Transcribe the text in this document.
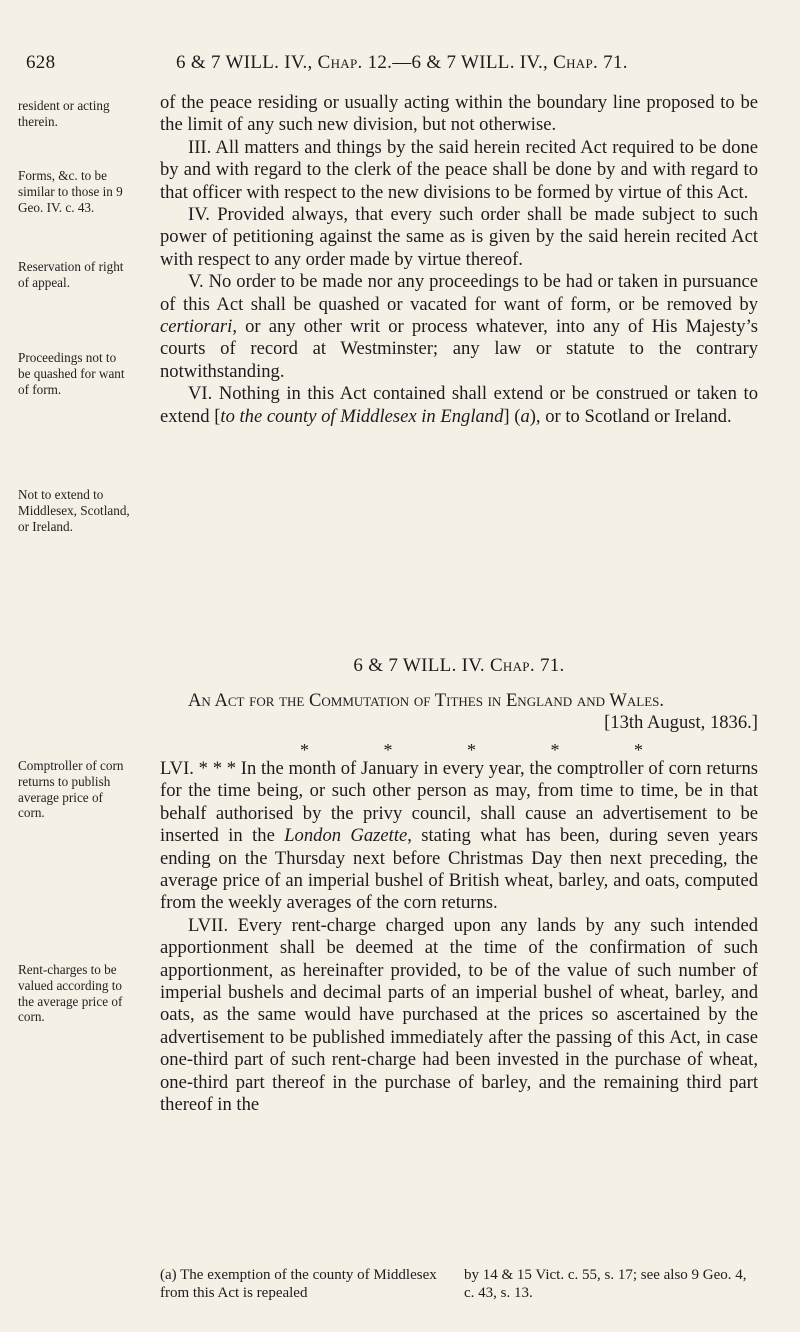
628	6 & 7 WILL. IV., Chap. 12.—6 & 7 WILL. IV., Chap. 71.
resident or acting therein.
Forms, &c. to be similar to those in 9 Geo. IV. c. 43.
Reservation of right of appeal.
Proceedings not to be quashed for want of form.
Not to extend to Middlesex, Scotland, or Ireland.
Comptroller of corn returns to publish average price of corn.
Rent-charges to be valued according to the average price of corn.

of the peace residing or usually acting within the boundary line proposed to be the limit of any such new division, but not otherwise.

III. All matters and things by the said herein recited Act required to be done by and with regard to the clerk of the peace shall be done by and with regard to that officer with respect to the new divisions to be formed by virtue of this Act.

IV. Provided always, that every such order shall be made subject to such power of petitioning against the same as is given by the said herein recited Act with respect to any order made by virtue thereof.

V. No order to be made nor any proceedings to be had or taken in pursuance of this Act shall be quashed or vacated for want of form, or be removed by certiorari, or any other writ or process whatever, into any of His Majesty’s courts of record at Westminster; any law or statute to the contrary notwithstanding.

VI. Nothing in this Act contained shall extend or be construed or taken to extend [to the county of Middlesex in England] (a), or to Scotland or Ireland.

6 & 7 WILL. IV. Chap. 71.
An Act for the Commutation of Tithes in England and Wales.
[13th August, 1836.]
* * * * *

LVI. * * * In the month of January in every year, the comptroller of corn returns for the time being, or such other person as may, from time to time, be in that behalf authorised by the privy council, shall cause an advertisement to be inserted in the London Gazette, stating what has been, during seven years ending on the Thursday next before Christmas Day then next preceding, the average price of an imperial bushel of British wheat, barley, and oats, computed from the weekly averages of the corn returns.

LVII. Every rent-charge charged upon any lands by any such intended apportionment shall be deemed at the time of the confirmation of such apportionment, as hereinafter provided, to be of the value of such number of imperial bushels and decimal parts of an imperial bushel of wheat, barley, and oats, as the same would have purchased at the prices so ascertained by the advertisement to be published immediately after the passing of this Act, in case one-third part of such rent-charge had been invested in the purchase of wheat, one-third part thereof in the purchase of barley, and the remaining third part thereof in the

(a) The exemption of the county of Middlesex from this Act is repealed
by 14 & 15 Vict. c. 55, s. 17; see also 9 Geo. 4, c. 43, s. 13.
